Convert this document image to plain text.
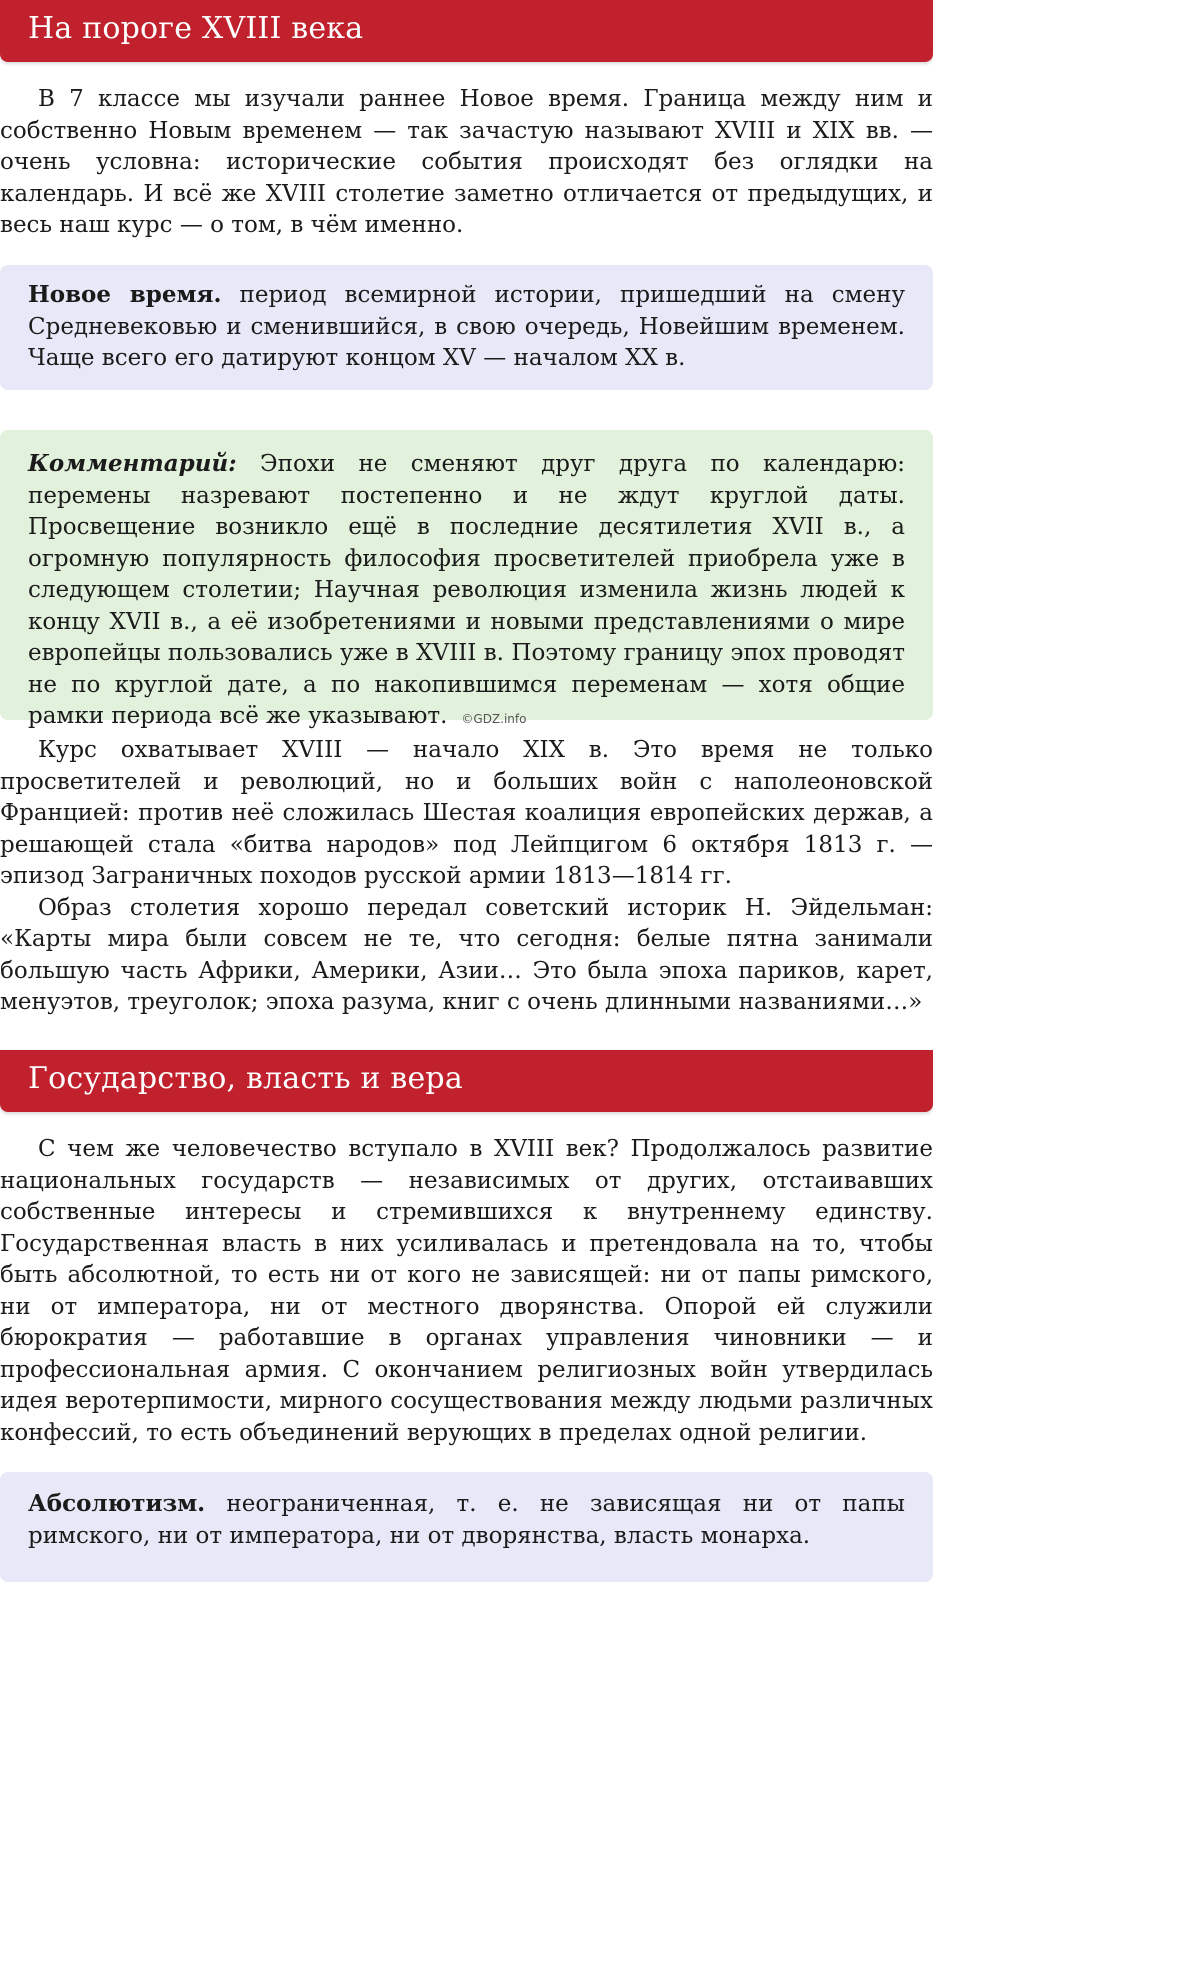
На пороге XVIII века

В 7 классе мы изучали раннее Новое время. Граница между ним и собственно Новым временем — так зачастую называют XVIII и XIX вв. — очень условна: исторические события происходят без оглядки на календарь. И всё же XVIII столетие заметно отличается от предыдущих, и весь наш курс — о том, в чём именно.

Новое время. период всемирной истории, пришедший на смену Средневековью и сменившийся, в свою очередь, Новейшим временем. Чаще всего его датируют концом XV — началом XX в.

Комментарий: Эпохи не сменяют друг друга по календарю: перемены назревают постепенно и не ждут круглой даты. Просвещение возникло ещё в последние десятилетия XVII в., а огромную популярность философия просветителей приобрела уже в следующем столетии; Научная революция изменила жизнь людей к концу XVII в., а её изобретениями и новыми представлениями о мире европейцы пользовались уже в XVIII в. Поэтому границу эпох проводят не по круглой дате, а по накопившимся переменам — хотя общие рамки периода всё же указывают. ©GDZ.info

Курс охватывает XVIII — начало XIX в. Это время не только просветителей и революций, но и больших войн с наполеоновской Францией: против неё сложилась Шестая коалиция европейских держав, а решающей стала «битва народов» под Лейпцигом 6 октября 1813 г. — эпизод Заграничных походов русской армии 1813—1814 гг.

Образ столетия хорошо передал советский историк Н. Эйдельман: «Карты мира были совсем не те, что сегодня: белые пятна занимали большую часть Африки, Америки, Азии… Это была эпоха париков, карет, менуэтов, треуголок; эпоха разума, книг с очень длинными названиями…»

Государство, власть и вера

С чем же человечество вступало в XVIII век? Продолжалось развитие национальных государств — независимых от других, отстаивавших собственные интересы и стремившихся к внутреннему единству. Государственная власть в них усиливалась и претендовала на то, чтобы быть абсолютной, то есть ни от кого не зависящей: ни от папы римского, ни от императора, ни от местного дворянства. Опорой ей служили бюрократия — работавшие в органах управления чиновники — и профессиональная армия. С окончанием религиозных войн утвердилась идея веротерпимости, мирного сосуществования между людьми различных конфессий, то есть объединений верующих в пределах одной религии.

Абсолютизм. неограниченная, т. е. не зависящая ни от папы римского, ни от императора, ни от дворянства, власть монарха.
